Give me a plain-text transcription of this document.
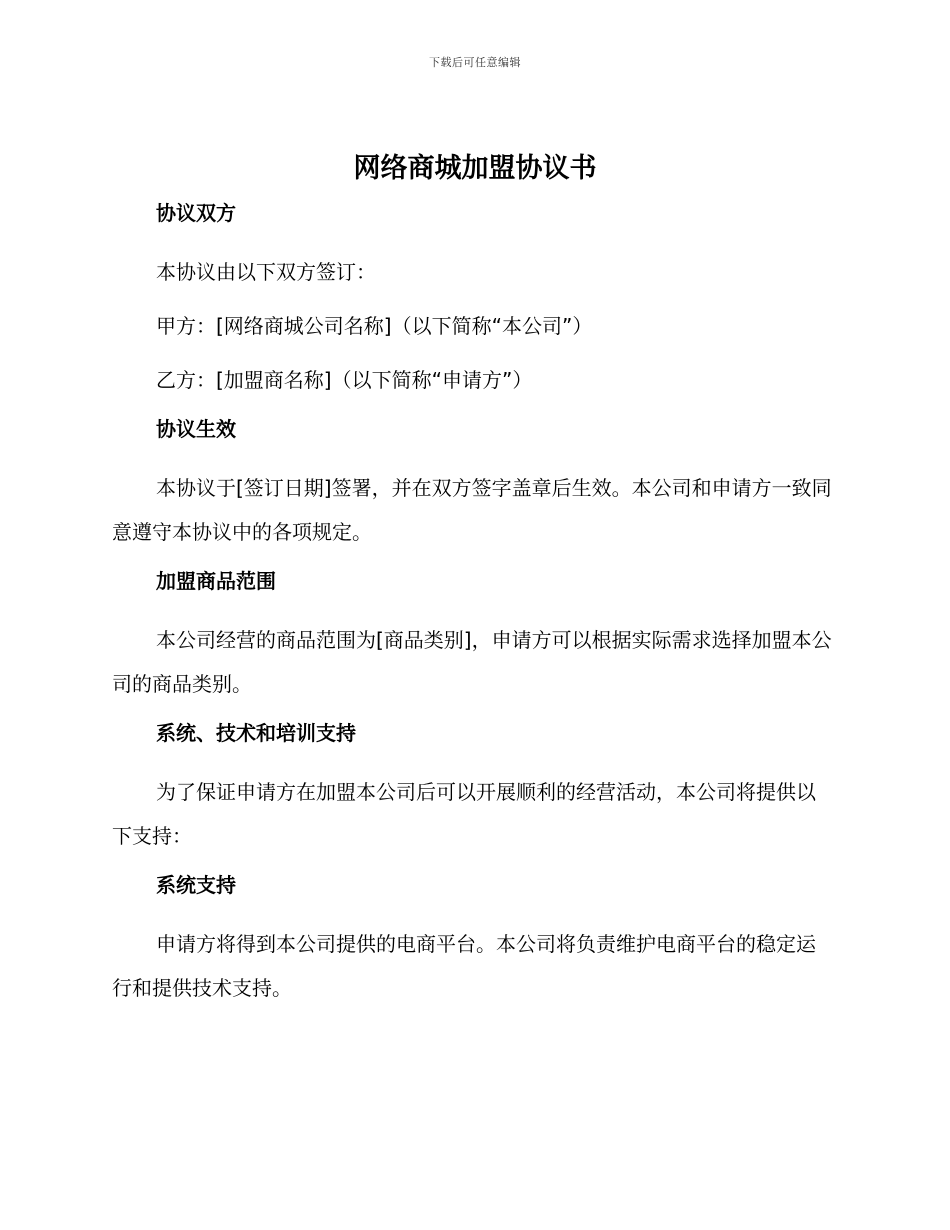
下载后可任意编辑
网络商城加盟协议书
协议双方

本协议由以下双方签订：

甲方：[网络商城公司名称]（以下简称“本公司”）

乙方：[加盟商名称]（以下简称“申请方”）

协议生效

本协议于[签订日期]签署，并在双方签字盖章后生效。本公司和申请方一致同意遵守本协议中的各项规定。

加盟商品范围

本公司经营的商品范围为[商品类别]，申请方可以根据实际需求选择加盟本公司的商品类别。

系统、技术和培训支持

为了保证申请方在加盟本公司后可以开展顺利的经营活动，本公司将提供以下支持：

系统支持

申请方将得到本公司提供的电商平台。本公司将负责维护电商平台的稳定运行和提供技术支持。
